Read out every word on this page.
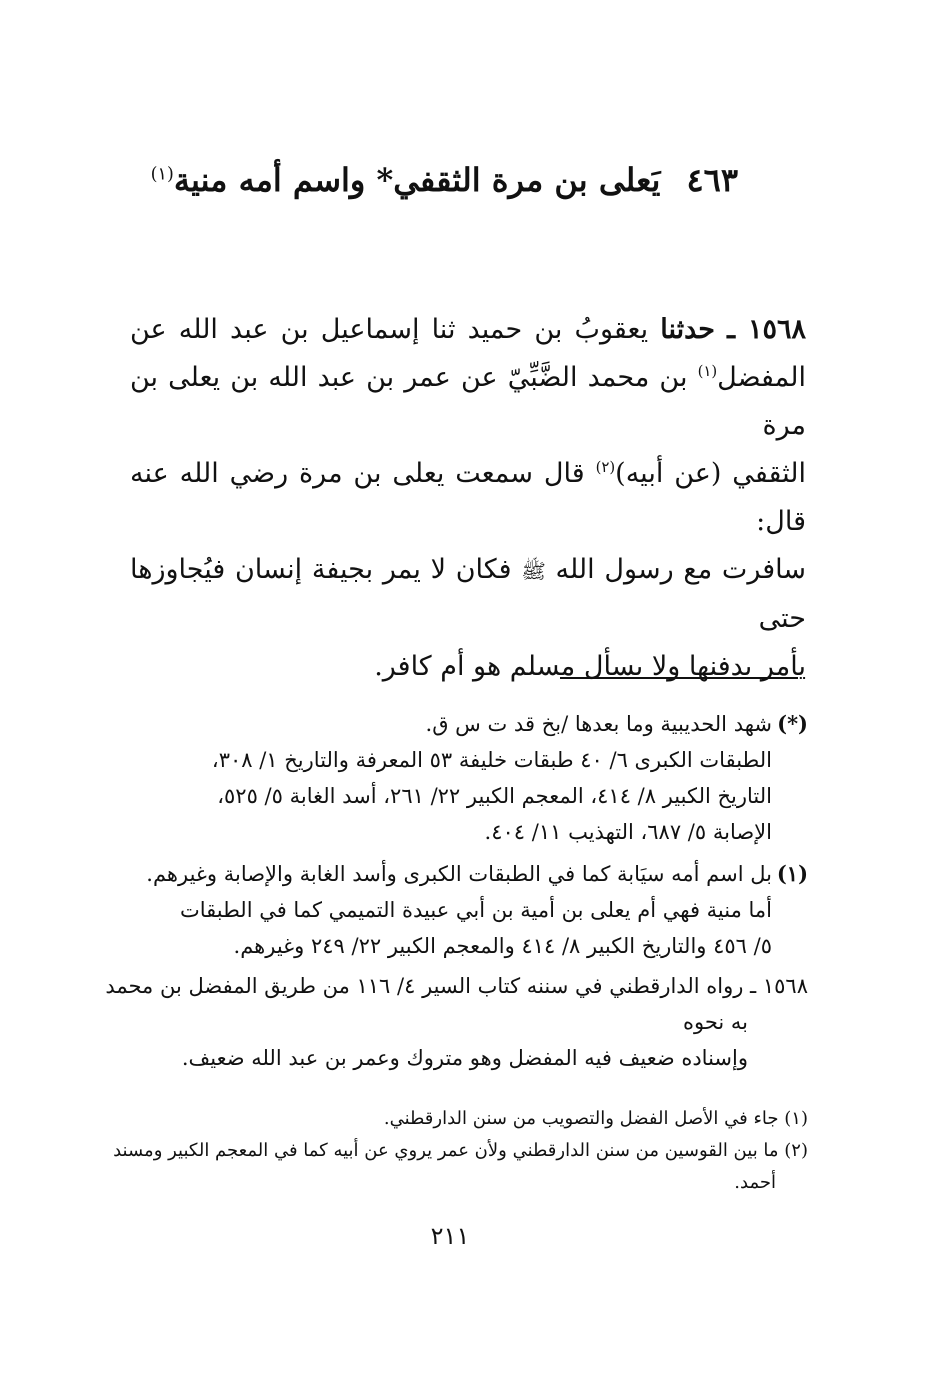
٤٦٣يَعلى بن مرة الثقفي* واسم أمه منية$^{(١)}$
١٥٦٨ ـ حدثنا يعقوبُ بن حميد ثنا إسماعيل بن عبد الله عن
المفضل$^{(١)}$ بن محمد الضَّبِّيّ عن عمر بن عبد الله بن يعلى بن مرة
الثقفي (عن أبيه)$^{(٢)}$ قال سمعت يعلى بن مرة رضي الله عنه قال:
سافرت مع رسول الله ﷺ فكان لا يمر بجيفة إنسان فيُجاوزها حتى
يأمر بدفنها ولا يسأل مسلم هو أم كافر.
(*)شهد الحديبية وما بعدها /بخ قد ت س ق.
الطبقات الكبرى ٦/ ٤٠ طبقات خليفة ٥٣ المعرفة والتاريخ ١/ ٣٠٨،
التاريخ الكبير ٨/ ٤١٤، المعجم الكبير ٢٢/ ٢٦١، أسد الغابة ٥/ ٥٢٥،
الإصابة ٥/ ٦٨٧، التهذيب ١١/ ٤٠٤.
(١)بل اسم أمه سيَابة كما في الطبقات الكبرى وأسد الغابة والإصابة وغيرهم.
أما منية فهي أم يعلى بن أمية بن أبي عبيدة التميمي كما في الطبقات
٥/ ٤٥٦ والتاريخ الكبير ٨/ ٤١٤ والمعجم الكبير ٢٢/ ٢٤٩ وغيرهم.
١٥٦٨ ـ رواه الدارقطني في سننه كتاب السير ٤/ ١١٦ من طريق المفضل بن محمد
به نحوه
وإسناده ضعيف فيه المفضل وهو متروك وعمر بن عبد الله ضعيف.
(١) جاء في الأصل الفضل والتصويب من سنن الدارقطني.
(٢) ما بين القوسين من سنن الدارقطني ولأن عمر يروي عن أبيه كما في المعجم الكبير ومسند
أحمد.
٢١١
